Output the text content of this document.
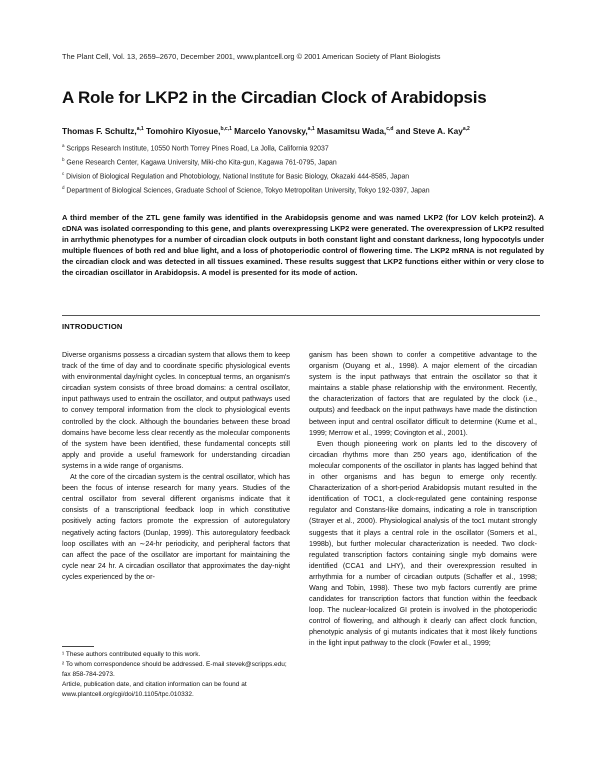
The Plant Cell, Vol. 13, 2659–2670, December 2001, www.plantcell.org © 2001 American Society of Plant Biologists
A Role for LKP2 in the Circadian Clock of Arabidopsis
Thomas F. Schultz,$^{a,1}$ Tomohiro Kiyosue,$^{b,c,1}$ Marcelo Yanovsky,$^{a,1}$ Masamitsu Wada,$^{c,d}$ and Steve A. Kay$^{a,2}$
$^a$ Scripps Research Institute, 10550 North Torrey Pines Road, La Jolla, California 92037
$^b$ Gene Research Center, Kagawa University, Miki-cho Kita-gun, Kagawa 761-0795, Japan
$^c$ Division of Biological Regulation and Photobiology, National Institute for Basic Biology, Okazaki 444-8585, Japan
$^d$ Department of Biological Sciences, Graduate School of Science, Tokyo Metropolitan University, Tokyo 192-0397, Japan
A third member of the ZTL gene family was identified in the Arabidopsis genome and was named LKP2 (for LOV kelch protein2). A cDNA was isolated corresponding to this gene, and plants overexpressing LKP2 were generated. The overexpression of LKP2 resulted in arrhythmic phenotypes for a number of circadian clock outputs in both constant light and constant darkness, long hypocotyls under multiple fluences of both red and blue light, and a loss of photoperiodic control of flowering time. The LKP2 mRNA is not regulated by the circadian clock and was detected in all tissues examined. These results suggest that LKP2 functions either within or very close to the circadian oscillator in Arabidopsis. A model is presented for its mode of action.
INTRODUCTION

Diverse organisms possess a circadian system that allows them to keep track of the time of day and to coordinate specific physiological events with environmental day/night cycles. In conceptual terms, an organism's circadian system consists of three broad domains: a central oscillator, input pathways used to entrain the oscillator, and output pathways used to convey temporal information from the clock to physiological events controlled by the clock. Although the boundaries between these broad domains have become less clear recently as the molecular components of the system have been identified, these fundamental concepts still apply and provide a useful framework for understanding circadian systems in a wide range of organisms.

At the core of the circadian system is the central oscillator, which has been the focus of intense research for many years. Studies of the central oscillator from several different organisms indicate that it consists of a transcriptional feedback loop in which constitutive positively acting factors promote the expression of autoregulatory negatively acting factors (Dunlap, 1999). This autoregulatory feedback loop oscillates with an ∼24-hr periodicity, and peripheral factors that can affect the pace of the oscillator are important for maintaining the cycle near 24 hr. A circadian oscillator that approximates the day-night cycles experienced by the or-

ganism has been shown to confer a competitive advantage to the organism (Ouyang et al., 1998). A major element of the circadian system is the input pathways that entrain the oscillator so that it maintains a stable phase relationship with the environment. Recently, the characterization of factors that are regulated by the clock (i.e., outputs) and feedback on the input pathways have made the distinction between input and central oscillator difficult to determine (Kume et al., 1999; Merrow et al., 1999; Covington et al., 2001).

Even though pioneering work on plants led to the discovery of circadian rhythms more than 250 years ago, identification of the molecular components of the oscillator in plants has lagged behind that in other organisms and has begun to emerge only recently. Characterization of a short-period Arabidopsis mutant resulted in the identification of TOC1, a clock-regulated gene containing response regulator and Constans-like domains, indicating a role in transcription (Strayer et al., 2000). Physiological analysis of the toc1 mutant strongly suggests that it plays a central role in the oscillator (Somers et al., 1998b), but further molecular characterization is needed. Two clock-regulated transcription factors containing single myb domains were identified (CCA1 and LHY), and their overexpression resulted in arrhythmia for a number of circadian outputs (Schaffer et al., 1998; Wang and Tobin, 1998). These two myb factors currently are prime candidates for transcription factors that function within the feedback loop. The nuclear-localized GI protein is involved in the photoperiodic control of flowering, and although it clearly can affect clock function, phenotypic analysis of gi mutants indicates that it most likely functions in the light input pathway to the clock (Fowler et al., 1999;

¹ These authors contributed equally to this work.
² To whom correspondence should be addressed. E-mail stevek@scripps.edu; fax 858-784-2973.
Article, publication date, and citation information can be found at www.plantcell.org/cgi/doi/10.1105/tpc.010332.
